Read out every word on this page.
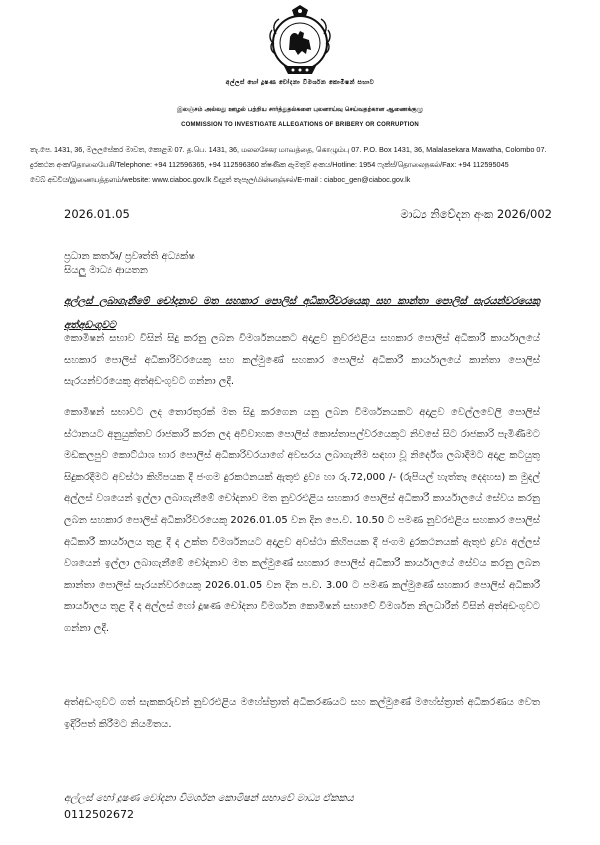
අල්ලස් හෝ දූෂණ චෝදනා විමර්ශන කොමිෂන් සභාව
இலஞ்சம் அல்லது ஊழல் பற்றிய சார்த்துதல்களை புலனாய்வு செய்வதற்கான ஆணைக்குழு
COMMISSION TO INVESTIGATE ALLEGATIONS OF BRIBERY OR CORRUPTION
තැ.පෙ. 1431, 36, මලලසේකර මාවත, කොළඹ 07. த.பெ. 1431, 36, மலலசேகர மாவத்தை, கொழும்பு 07. P.O. Box 1431, 36, Malalasekara Mawatha, Colombo 07.
දුරකථන අංක/தொலைபேசி/Telephone: +94 112596365, +94 112596360 ක්ෂණික ඇමතුම් අංකය/Hotline: 1954 ෆැක්ස්/தொலைநகல்/Fax: +94 112595045
වෙබ් අඩවිය/இணையத்தளம்/website: www.ciaboc.gov.lk විද්‍යුත් තැපෑල/மின்னஞ்சல்/E-mail : ciaboc_gen@ciaboc.gov.lk
2026.01.05	මාධ්‍ය නිවේදන අංක 2026/002
ප්‍රධාන කර්තෘ/ ප්‍රවෘත්ති අධ්‍යක්ෂ
සියලු මාධ්‍ය ආයතන
අල්ලස් ලබාගැනීමේ චෝදනාව මත සහකාර පොලිස් අධිකාරිවරයෙකු සහ කාන්තා පොලිස් සැරයන්වරයෙකු අත්අඩංගුවට
කොමිෂන් සභාව විසින් සිදු කරනු ලබන විමර්ශනයකට අදාළව නුවරඑළිය සහකාර පොලිස් අධිකාරී කාර්යාලයේ සහකාර පොලිස් අධිකාරිවරයෙකු සහ කල්මුණේ සහකාර පොලිස් අධිකාරී කාර්යාලයේ කාන්තා පොලිස් සැරයන්වරයෙකු අත්අඩංගුවට ගන්නා ලදී.
කොමිෂන් සභාවට ලද තොරතුරක් මත සිදු කරගෙන යනු ලබන විමර්ශනයකට අදාළව වෙල්ලවෙලි පොලිස් ස්ථානයට අනුයුක්තව රාජකාරි කරන ලද අවිවාහක පොලිස් කොස්තාපල්වරයෙකුට නිවසේ සිට රාජකාරි පැමිණීමට මඩකලපුව කොට්ඨාශ භාර පොලිස් අධිකාරිවරයාගේ අවසරය ලබාගැනීම සඳහා වූ නිර්දේශ ලබාදීමට අදාළ කටයුතු සිදුකරදීමට අවස්ථා කිහිපයක දී ජංගම දුරකථනයක් ඇතුළු ද්‍රව්‍ය හා රු.72,000 /- (රුපියල් හැත්තෑ දෙදහස) ක මුදල් අල්ලස් වශයෙන් ඉල්ලා ලබාගැනීමේ චෝදනාව මත නුවරඑළිය සහකාර පොලිස් අධිකාරී කාර්යාලයේ සේවය කරනු ලබන සහකාර පොලිස් අධිකාරිවරයෙකු 2026.01.05 වන දින පෙ.ව. 10.50 ට පමණ නුවරඑළිය සහකාර පොලිස් අධිකාරී කාර්යාලය තුළ දී ද උක්ත විමර්ශනයට අදාළව අවස්ථා කිහිපයක දී ජංගම දුරකථනයක් ඇතුළු ද්‍රව්‍ය අල්ලස් වශයෙන් ඉල්ලා ලබාගැනීමේ චෝදනාව මත කල්මුණේ සහකාර පොලිස් අධිකාරී කාර්යාලයේ සේවය කරනු ලබන කාන්තා පොලිස් සැරයන්වරයෙකු 2026.01.05 වන දින ප.ව. 3.00 ට පමණ කල්මුණේ සහකාර පොලිස් අධිකාරී කාර්යාලය තුළ දී ද අල්ලස් හෝ දූෂණ චෝදනා විමර්ශන කොමිෂන් සභාවේ විමර්ශන නිලධාරීන් විසින් අත්අඩංගුවට ගන්නා ලදී.
අත්අඩංගුවට ගත් සැකකරුවන් නුවරඑළිය මහේස්ත්‍රාත් අධිකරණයට සහ කල්මුණේ මහේස්ත්‍රාත් අධිකරණය වෙත ඉදිරිපත් කිරීමට නියමිතය.
අල්ලස් හෝ දූෂණ චෝදනා විමර්ශන කොමිෂන් සභාවේ මාධ්‍ය ඒකකය
0112502672
